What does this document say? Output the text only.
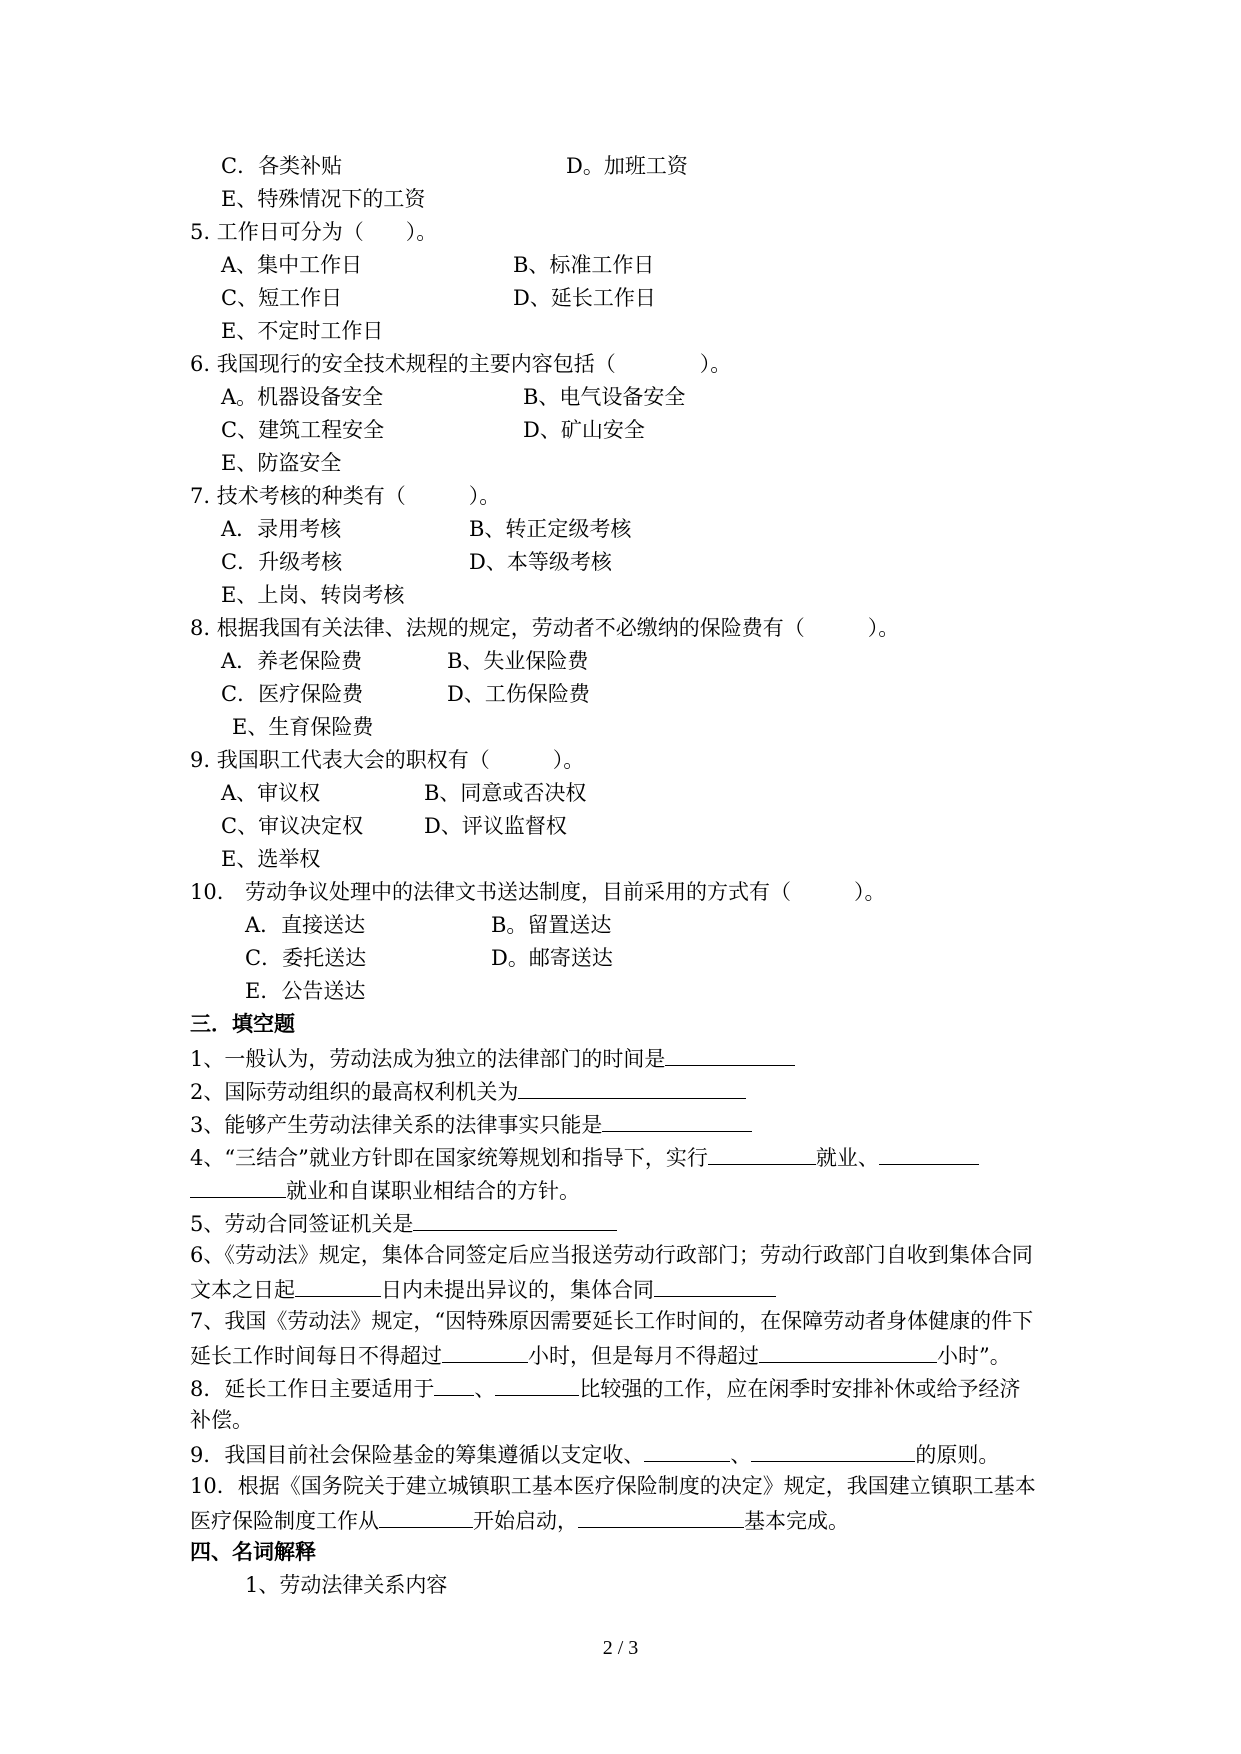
C．各类补贴	D。加班工资
E、特殊情况下的工资
5. 工作日可分为（　　）。
A、集中工作日	B、标准工作日
C、短工作日	D、延长工作日
E、不定时工作日
6. 我国现行的安全技术规程的主要内容包括（　　　　）。
A。机器设备安全	B、电气设备安全
C、建筑工程安全	D、矿山安全
E、防盗安全
7. 技术考核的种类有（　　　）。
A．录用考核	B、转正定级考核
C．升级考核	D、本等级考核
E、上岗、转岗考核
8. 根据我国有关法律、法规的规定，劳动者不必缴纳的保险费有（　　　）。
A．养老保险费	B、失业保险费
C．医疗保险费	D、工伤保险费
E、生育保险费
9. 我国职工代表大会的职权有（　　　）。
A、审议权	B、同意或否决权
C、审议决定权	D、评议监督权
E、选举权
10. 劳动争议处理中的法律文书送达制度，目前采用的方式有（　　　）。
A．直接送达	B。留置送达
C．委托送达	D。邮寄送达
E．公告送达
三．填空题
1、一般认为，劳动法成为独立的法律部门的时间是
2、国际劳动组织的最高权利机关为
3、能够产生劳动法律关系的法律事实只能是
4、“三结合”就业方针即在国家统筹规划和指导下，实行	就业、
就业和自谋职业相结合的方针。
5、劳动合同签证机关是
6、《劳动法》规定，集体合同签定后应当报送劳动行政部门；劳动行政部门自收到集体合同
文本之日起	日内未提出异议的，集体合同
7、我国《劳动法》规定，“因特殊原因需要延长工作时间的，在保障劳动者身体健康的件下
延长工作时间每日不得超过	小时，但是每月不得超过	小时”。
8．延长工作日主要适用于 、	比较强的工作，应在闲季时安排补休或给予经济
补偿。
9．我国目前社会保险基金的筹集遵循以支定收、	、	的原则。
10．根据《国务院关于建立城镇职工基本医疗保险制度的决定》规定，我国建立镇职工基本
医疗保险制度工作从	开始启动，	基本完成。
四、名词解释
1、劳动法律关系内容
2 / 3
